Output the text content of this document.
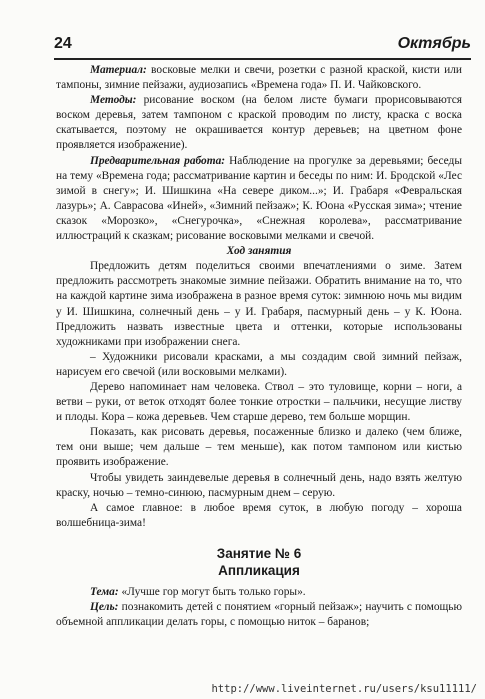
24	Октябрь

Материал: восковые мелки и свечи, розетки с разной краской, кисти или тампоны, зимние пейзажи, аудиозапись «Времена года» П. И. Чайковского.

Методы: рисование воском (на белом листе бумаги прорисовываются воском деревья, затем тампоном с краской проводим по листу, краска с воска скатывается, поэтому не окрашивается контур деревьев; на цветном фоне проявляется изображение).

Предварительная работа: Наблюдение на прогулке за деревьями; беседы на тему «Времена года; рассматривание картин и беседы по ним: И. Бродской «Лес зимой в снегу»; И. Шишкина «На севере диком...»; И. Грабаря «Февральская лазурь»; А. Саврасова «Иней», «Зимний пейзаж»; К. Юона «Русская зима»; чтение сказок «Морозко», «Снегурочка», «Снежная королева», рассматривание иллюстраций к сказкам; рисование восковыми мелками и свечой.

Ход занятия

Предложить детям поделиться своими впечатлениями о зиме. Затем предложить рассмотреть знакомые зимние пейзажи. Обратить внимание на то, что на каждой картине зима изображена в разное время суток: зимнюю ночь мы видим у И. Шишкина, солнечный день – у И. Грабаря, пасмурный день – у К. Юона. Предложить назвать известные цвета и оттенки, которые использованы художниками при изображении снега.

– Художники рисовали красками, а мы создадим свой зимний пейзаж, нарисуем его свечой (или восковыми мелками).

Дерево напоминает нам человека. Ствол – это туловище, корни – ноги, а ветви – руки, от веток отходят более тонкие отростки – пальчики, несущие листву и плоды. Кора – кожа деревьев. Чем старше дерево, тем больше морщин.

Показать, как рисовать деревья, посаженные близко и далеко (чем ближе, тем они выше; чем дальше – тем меньше), как потом тампоном или кистью проявить изображение.

Чтобы увидеть заиндевелые деревья в солнечный день, надо взять желтую краску, ночью – темно-синюю, пасмурным днем – серую.

А самое главное: в любое время суток, в любую погоду – хороша волшебница-зима!

Занятие № 6
Аппликация

Тема: «Лучше гор могут быть только горы».

Цель: познакомить детей с понятием «горный пейзаж»; научить с помощью объемной аппликации делать горы, с помощью ниток – баранов;

http://www.liveinternet.ru/users/ksu11111/
